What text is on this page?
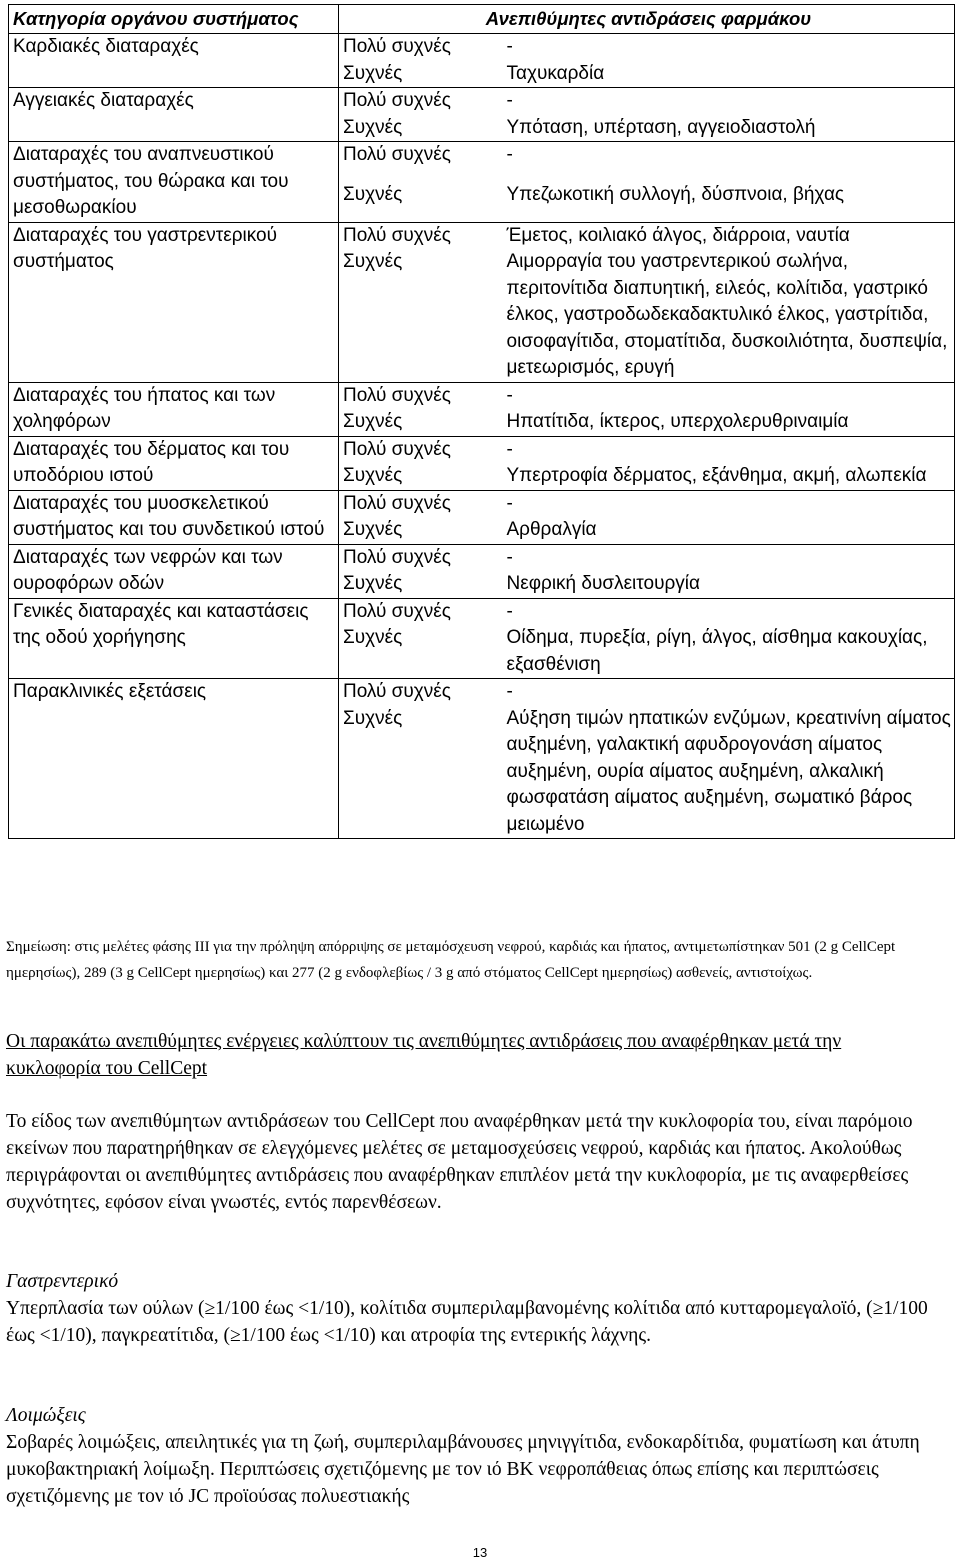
Κατηγορία οργάνου συστήματος	Ανεπιθύμητες αντιδράσεις φαρμάκου	
Καρδιακές διαταραχές	Πολύ συχνές	-
	Συχνές	Ταχυκαρδία
Αγγειακές διαταραχές	Πολύ συχνές	-
	Συχνές	Υπόταση, υπέρταση, αγγειοδιαστολή
Διαταραχές του αναπνευστικού συστήματος, του θώρακα και του μεσοθωρακίου	Πολύ συχνές	-
	Συχνές	Υπεζωκοτική συλλογή, δύσπνοια, βήχας
Διαταραχές του γαστρεντερικού συστήματος	Πολύ συχνές	Έμετος, κοιλιακό άλγος, διάρροια, ναυτία
	Συχνές	Αιμορραγία του γαστρεντερικού σωλήνα, περιτονίτιδα διαπυητική, ειλεός, κολίτιδα, γαστρικό έλκος, γαστροδωδεκαδακτυλικό έλκος, γαστρίτιδα, οισοφαγίτιδα, στοματίτιδα, δυσκοιλιότητα, δυσπεψία, μετεωρισμός, ερυγή
Διαταραχές του ήπατος και των χοληφόρων	Πολύ συχνές	-
	Συχνές	Ηπατίτιδα, ίκτερος, υπερχολερυθριναιμία
Διαταραχές του δέρματος και του υποδόριου ιστού	Πολύ συχνές	-
	Συχνές	Υπερτροφία δέρματος, εξάνθημα, ακμή, αλωπεκία
Διαταραχές του μυοσκελετικού συστήματος και του συνδετικού ιστού	Πολύ συχνές	-
	Συχνές	Αρθραλγία
Διαταραχές των νεφρών και των ουροφόρων οδών	Πολύ συχνές	-
	Συχνές	Νεφρική δυσλειτουργία
Γενικές διαταραχές και καταστάσεις της οδού χορήγησης	Πολύ συχνές	-
	Συχνές	Οίδημα, πυρεξία, ρίγη, άλγος, αίσθημα κακουχίας, εξασθένιση
Παρακλινικές εξετάσεις	Πολύ συχνές	-
	Συχνές	Αύξηση τιμών ηπατικών ενζύμων, κρεατινίνη αίματος αυξημένη, γαλακτική αφυδρογονάση αίματος αυξημένη, ουρία αίματος αυξημένη, αλκαλική φωσφατάση αίματος αυξημένη, σωματικό βάρος μειωμένο
Σημείωση: στις μελέτες φάσης ΙΙΙ για την πρόληψη απόρριψης σε μεταμόσχευση νεφρού, καρδιάς και ήπατος, αντιμετωπίστηκαν 501 (2 g CellCept ημερησίως), 289 (3 g CellCept ημερησίως) και 277 (2 g ενδοφλεβίως / 3 g από στόματος CellCept ημερησίως) ασθενείς, αντιστοίχως.

Οι παρακάτω ανεπιθύμητες ενέργειες καλύπτουν τις ανεπιθύμητες αντιδράσεις που αναφέρθηκαν μετά την κυκλοφορία του CellCept

Το είδος των ανεπιθύμητων αντιδράσεων του CellCept που αναφέρθηκαν μετά την κυκλοφορία του, είναι παρόμοιο εκείνων που παρατηρήθηκαν σε ελεγχόμενες μελέτες σε μεταμοσχεύσεις νεφρού, καρδιάς και ήπατος. Ακολούθως περιγράφονται οι ανεπιθύμητες αντιδράσεις που αναφέρθηκαν επιπλέον μετά την κυκλοφορία, με τις αναφερθείσες συχνότητες, εφόσον είναι γνωστές, εντός παρενθέσεων.

Γαστρεντερικό

Υπερπλασία των ούλων (≥1/100 έως <1/10), κολίτιδα συμπεριλαμβανομένης κολίτιδα από κυτταρομεγαλοϊό, (≥1/100 έως <1/10), παγκρεατίτιδα, (≥1/100 έως <1/10) και ατροφία της εντερικής λάχνης.

Λοιμώξεις

Σοβαρές λοιμώξεις, απειλητικές για τη ζωή, συμπεριλαμβάνουσες μηνιγγίτιδα, ενδοκαρδίτιδα, φυματίωση και άτυπη μυκοβακτηριακή λοίμωξη. Περιπτώσεις σχετιζόμενης με τον ιό BK νεφροπάθειας όπως επίσης και περιπτώσεις σχετιζόμενης με τον ιό JC προϊούσας πολυεστιακής

13
